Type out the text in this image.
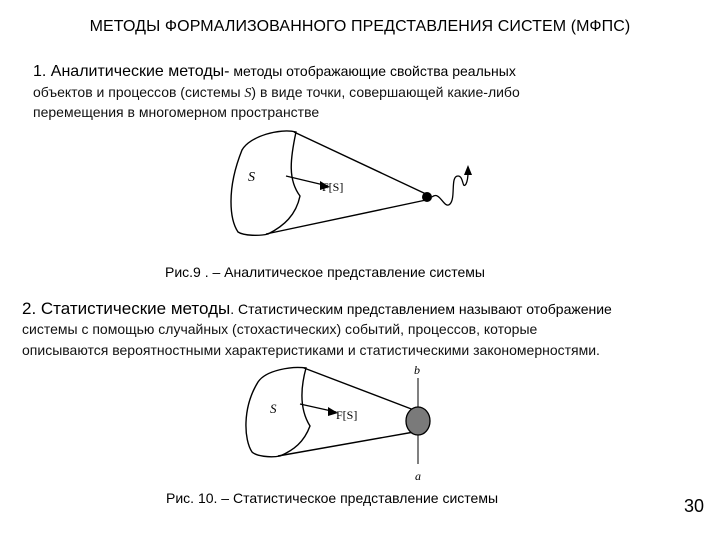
МЕТОДЫ ФОРМАЛИЗОВАННОГО ПРЕДСТАВЛЕНИЯ СИСТЕМ (МФПС)
1. Аналитические методы- методы отображающие свойства реальных
объектов и процессов (системы S) в виде точки, совершающей какие-либо
перемещения в многомерном пространстве
S
F[S]
Рис.9 . – Аналитическое представление системы
2. Статистические методы. Статистическим представлением называют отображение
системы с помощью случайных (стохастических) событий, процессов, которые
описываются вероятностными характеристиками и статистическими закономерностями.
S	F[S]
b
a
Рис. 10. – Статистическое представление системы	30
